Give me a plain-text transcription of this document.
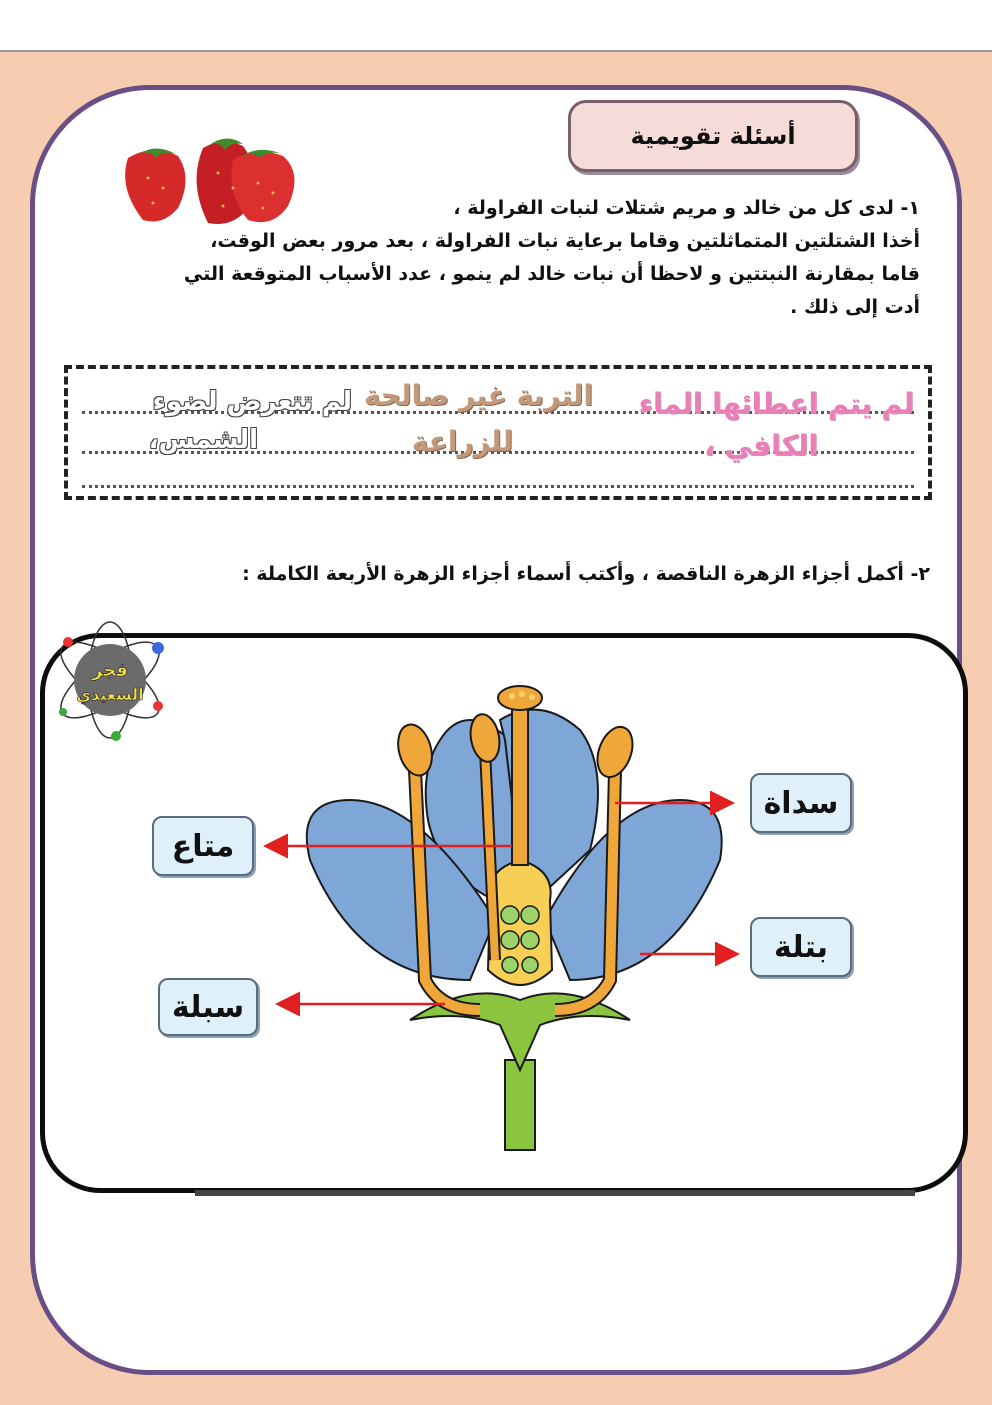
أسئلة تقويمية
١- لدى كل من خالد و مريم شتلات لنبات الفراولة ،
أخذا الشتلتين المتماثلتين وقاما برعاية نبات الفراولة ، بعد مرور بعض الوقت،
قاما بمقارنة النبتتين و لاحظا أن نبات خالد لم ينمو ، عدد الأسباب المتوقعة التي
أدت إلى ذلك .
لم يتم اعطائها الماء
الكافي ،
التربة غير صالحة
للزراعة
لم تتعرض لضوء
الشمس،
٢- أكمل أجزاء الزهرة الناقصة ، وأكتب أسماء أجزاء الزهرة الأربعة الكاملة :
فجر
السعيدي
سداة
بتلة
متاع
سبلة
